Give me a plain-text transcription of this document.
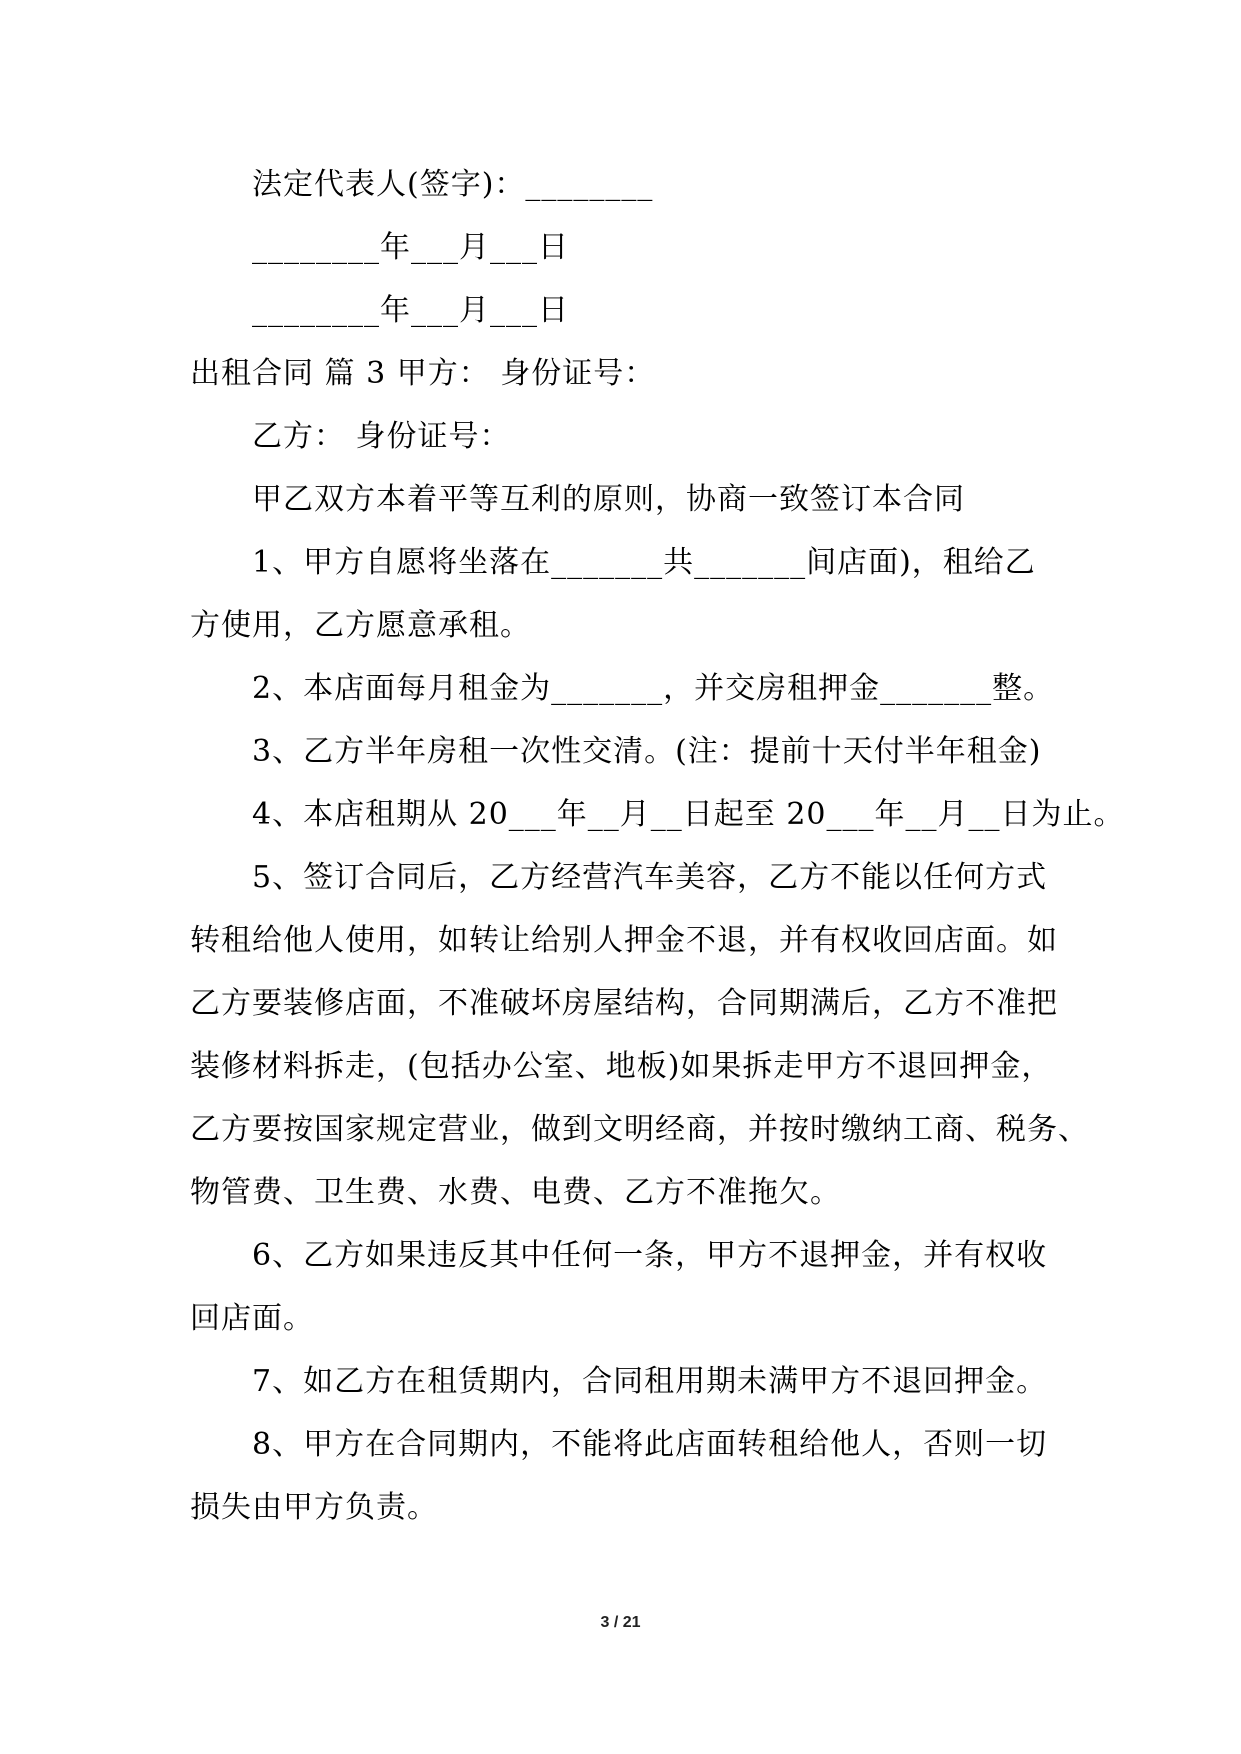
法定代表人(签字)：________
________年___月___日
________年___月___日
出租合同 篇 3 甲方： 身份证号：
乙方： 身份证号：
甲乙双方本着平等互利的原则，协商一致签订本合同
1、甲方自愿将坐落在_______共_______间店面)，租给乙
方使用，乙方愿意承租。
2、本店面每月租金为_______，并交房租押金_______整。
3、乙方半年房租一次性交清。(注：提前十天付半年租金)
4、本店租期从 20___年__月__日起至 20___年__月__日为止。
5、签订合同后，乙方经营汽车美容，乙方不能以任何方式
转租给他人使用，如转让给别人押金不退，并有权收回店面。如
乙方要装修店面，不准破坏房屋结构，合同期满后，乙方不准把
装修材料拆走，(包括办公室、地板)如果拆走甲方不退回押金，
乙方要按国家规定营业，做到文明经商，并按时缴纳工商、税务、
物管费、卫生费、水费、电费、乙方不准拖欠。
6、乙方如果违反其中任何一条，甲方不退押金，并有权收
回店面。
7、如乙方在租赁期内，合同租用期未满甲方不退回押金。
8、甲方在合同期内，不能将此店面转租给他人，否则一切
损失由甲方负责。
3 / 21
